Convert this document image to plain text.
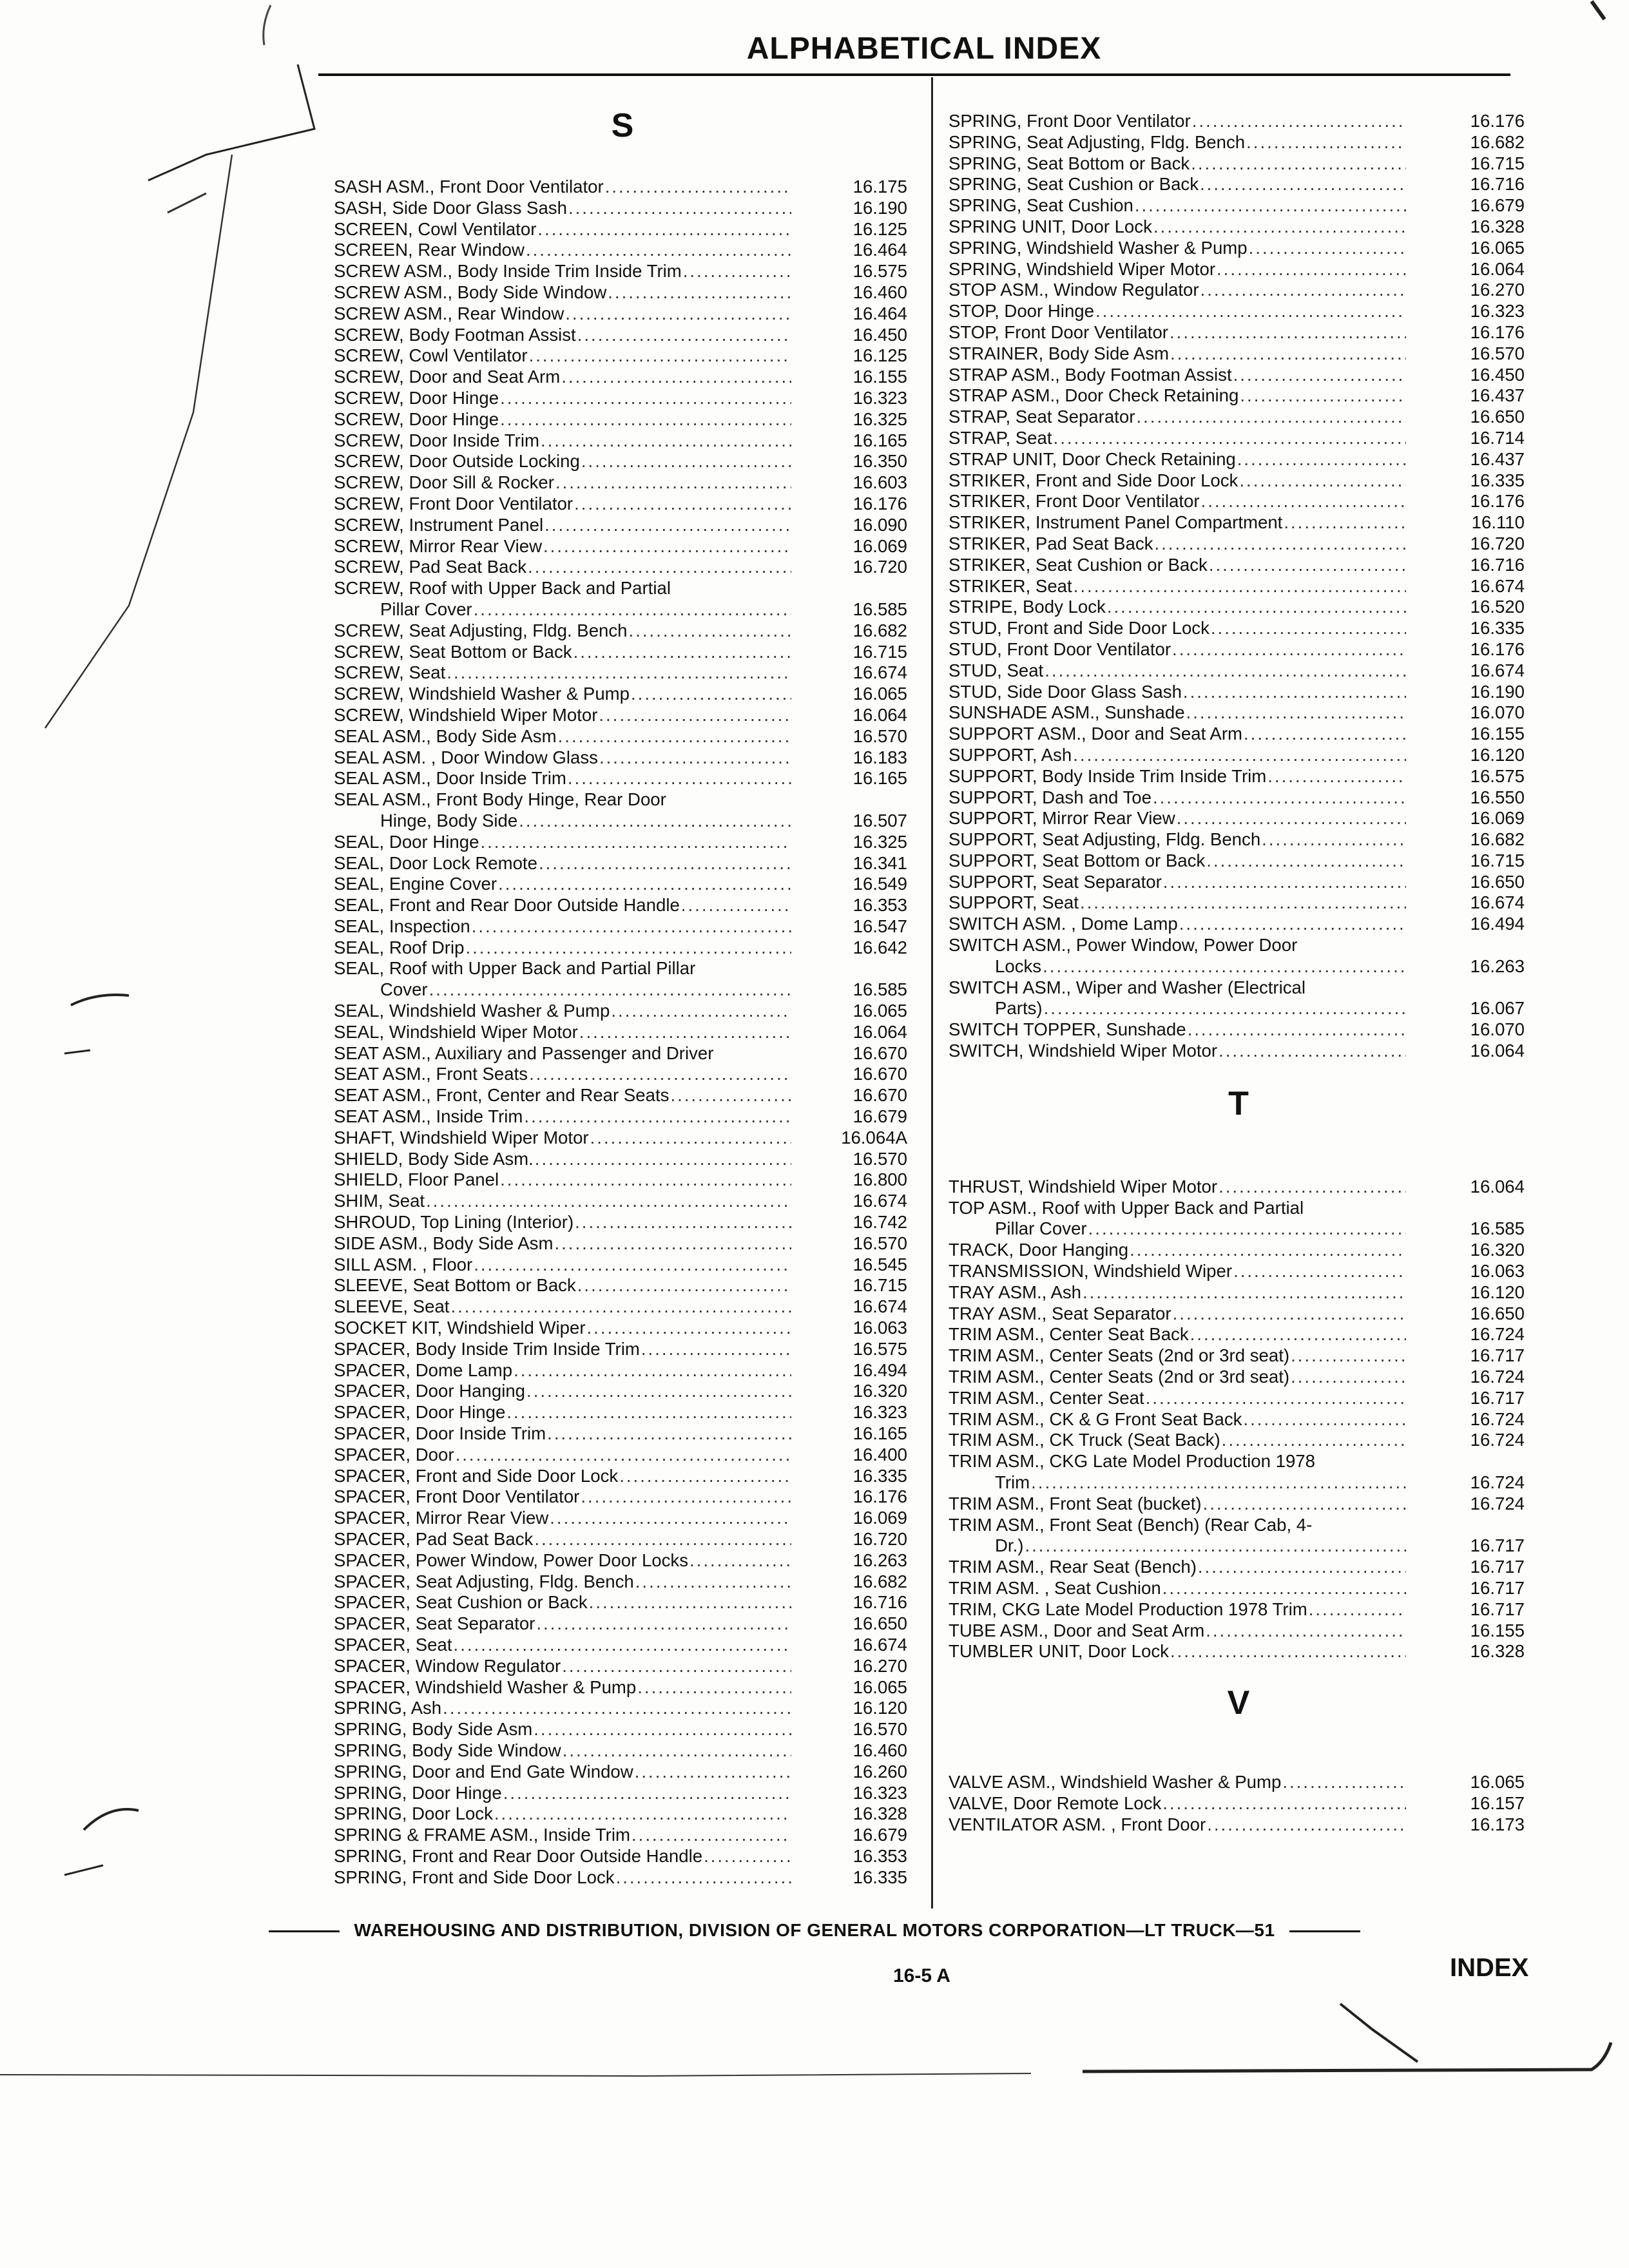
ALPHABETICAL INDEX
S
SASH ASM., Front Door Ventilator .....	16.175
SASH, Side Door Glass Sash .....	16.190
SCREEN, Cowl Ventilator .....	16.125
SCREEN, Rear Window .....	16.464
SCREW ASM., Body Inside Trim Inside Trim .....	16.575
SCREW ASM., Body Side Window .....	16.460
SCREW ASM., Rear Window .....	16.464
SCREW, Body Footman Assist .....	16.450
SCREW, Cowl Ventilator .....	16.125
SCREW, Door and Seat Arm .....	16.155
SCREW, Door Hinge .....	16.323
SCREW, Door Hinge .....	16.325
SCREW, Door Inside Trim .....	16.165
SCREW, Door Outside Locking .....	16.350
SCREW, Door Sill & Rocker .....	16.603
SCREW, Front Door Ventilator .....	16.176
SCREW, Instrument Panel .....	16.090
SCREW, Mirror Rear View .....	16.069
SCREW, Pad Seat Back .....	16.720
SCREW, Roof with Upper Back and Partial
Pillar Cover .....	16.585
SCREW, Seat Adjusting, Fldg. Bench .....	16.682
SCREW, Seat Bottom or Back .....	16.715
SCREW, Seat .....	16.674
SCREW, Windshield Washer & Pump .....	16.065
SCREW, Windshield Wiper Motor .....	16.064
SEAL ASM., Body Side Asm .....	16.570
SEAL ASM. , Door Window Glass .....	16.183
SEAL ASM., Door Inside Trim .....	16.165
SEAL ASM., Front Body Hinge, Rear Door
Hinge, Body Side .....	16.507
SEAL, Door Hinge .....	16.325
SEAL, Door Lock Remote .....	16.341
SEAL, Engine Cover .....	16.549
SEAL, Front and Rear Door Outside Handle .....	16.353
SEAL, Inspection .....	16.547
SEAL, Roof Drip .....	16.642
SEAL, Roof with Upper Back and Partial Pillar
Cover .....	16.585
SEAL, Windshield Washer & Pump .....	16.065
SEAL, Windshield Wiper Motor .....	16.064
SEAT ASM., Auxiliary and Passenger and Driver	16.670
SEAT ASM., Front Seats .....	16.670
SEAT ASM., Front, Center and Rear Seats .....	16.670
SEAT ASM., Inside Trim .....	16.679
SHAFT, Windshield Wiper Motor .....	16.064A
SHIELD, Body Side Asm. .....	16.570
SHIELD, Floor Panel .....	16.800
SHIM, Seat .....	16.674
SHROUD, Top Lining (Interior) .....	16.742
SIDE ASM., Body Side Asm .....	16.570
SILL ASM. , Floor .....	16.545
SLEEVE, Seat Bottom or Back .....	16.715
SLEEVE, Seat .....	16.674
SOCKET KIT, Windshield Wiper .....	16.063
SPACER, Body Inside Trim Inside Trim .....	16.575
SPACER, Dome Lamp .....	16.494
SPACER, Door Hanging .....	16.320
SPACER, Door Hinge .....	16.323
SPACER, Door Inside Trim .....	16.165
SPACER, Door .....	16.400
SPACER, Front and Side Door Lock .....	16.335
SPACER, Front Door Ventilator .....	16.176
SPACER, Mirror Rear View .....	16.069
SPACER, Pad Seat Back .....	16.720
SPACER, Power Window, Power Door Locks .....	16.263
SPACER, Seat Adjusting, Fldg. Bench .....	16.682
SPACER, Seat Cushion or Back .....	16.716
SPACER, Seat Separator .....	16.650
SPACER, Seat .....	16.674
SPACER, Window Regulator .....	16.270
SPACER, Windshield Washer & Pump .....	16.065
SPRING, Ash .....	16.120
SPRING, Body Side Asm .....	16.570
SPRING, Body Side Window .....	16.460
SPRING, Door and End Gate Window .....	16.260
SPRING, Door Hinge .....	16.323
SPRING, Door Lock .....	16.328
SPRING & FRAME ASM., Inside Trim .....	16.679
SPRING, Front and Rear Door Outside Handle .....	16.353
SPRING, Front and Side Door Lock .....	16.335
SPRING, Front Door Ventilator .....	16.176
SPRING, Seat Adjusting, Fldg. Bench .....	16.682
SPRING, Seat Bottom or Back .....	16.715
SPRING, Seat Cushion or Back .....	16.716
SPRING, Seat Cushion .....	16.679
SPRING UNIT, Door Lock .....	16.328
SPRING, Windshield Washer & Pump .....	16.065
SPRING, Windshield Wiper Motor .....	16.064
STOP ASM., Window Regulator .....	16.270
STOP, Door Hinge .....	16.323
STOP, Front Door Ventilator .....	16.176
STRAINER, Body Side Asm .....	16.570
STRAP ASM., Body Footman Assist .....	16.450
STRAP ASM., Door Check Retaining .....	16.437
STRAP, Seat Separator .....	16.650
STRAP, Seat .....	16.714
STRAP UNIT, Door Check Retaining .....	16.437
STRIKER, Front and Side Door Lock .....	16.335
STRIKER, Front Door Ventilator .....	16.176
STRIKER, Instrument Panel Compartment .....	16.110
STRIKER, Pad Seat Back .....	16.720
STRIKER, Seat Cushion or Back .....	16.716
STRIKER, Seat .....	16.674
STRIPE, Body Lock .....	16.520
STUD, Front and Side Door Lock .....	16.335
STUD, Front Door Ventilator .....	16.176
STUD, Seat .....	16.674
STUD, Side Door Glass Sash .....	16.190
SUNSHADE ASM., Sunshade .....	16.070
SUPPORT ASM., Door and Seat Arm .....	16.155
SUPPORT, Ash .....	16.120
SUPPORT, Body Inside Trim Inside Trim .....	16.575
SUPPORT, Dash and Toe .....	16.550
SUPPORT, Mirror Rear View .....	16.069
SUPPORT, Seat Adjusting, Fldg. Bench .....	16.682
SUPPORT, Seat Bottom or Back .....	16.715
SUPPORT, Seat Separator .....	16.650
SUPPORT, Seat .....	16.674
SWITCH ASM. , Dome Lamp .....	16.494
SWITCH ASM., Power Window, Power Door
Locks .....	16.263
SWITCH ASM., Wiper and Washer (Electrical
Parts) .....	16.067
SWITCH TOPPER, Sunshade .....	16.070
SWITCH, Windshield Wiper Motor .....	16.064
T
THRUST, Windshield Wiper Motor .....	16.064
TOP ASM., Roof with Upper Back and Partial
Pillar Cover .....	16.585
TRACK, Door Hanging .....	16.320
TRANSMISSION, Windshield Wiper .....	16.063
TRAY ASM., Ash .....	16.120
TRAY ASM., Seat Separator .....	16.650
TRIM ASM., Center Seat Back .....	16.724
TRIM ASM., Center Seats (2nd or 3rd seat) .....	16.717
TRIM ASM., Center Seats (2nd or 3rd seat) .....	16.724
TRIM ASM., Center Seat .....	16.717
TRIM ASM., CK & G Front Seat Back .....	16.724
TRIM ASM., CK Truck (Seat Back) .....	16.724
TRIM ASM., CKG Late Model Production 1978
Trim .....	16.724
TRIM ASM., Front Seat (bucket) .....	16.724
TRIM ASM., Front Seat (Bench) (Rear Cab, 4-
Dr.) .....	16.717
TRIM ASM., Rear Seat (Bench) .....	16.717
TRIM ASM. , Seat Cushion .....	16.717
TRIM, CKG Late Model Production 1978 Trim .....	16.717
TUBE ASM., Door and Seat Arm .....	16.155
TUMBLER UNIT, Door Lock .....	16.328
V
VALVE ASM., Windshield Washer & Pump .....	16.065
VALVE, Door Remote Lock .....	16.157
VENTILATOR ASM. , Front Door .....	16.173
WAREHOUSING AND DISTRIBUTION, DIVISION OF GENERAL MOTORS CORPORATION—LT TRUCK—51
16-5 A	INDEX
